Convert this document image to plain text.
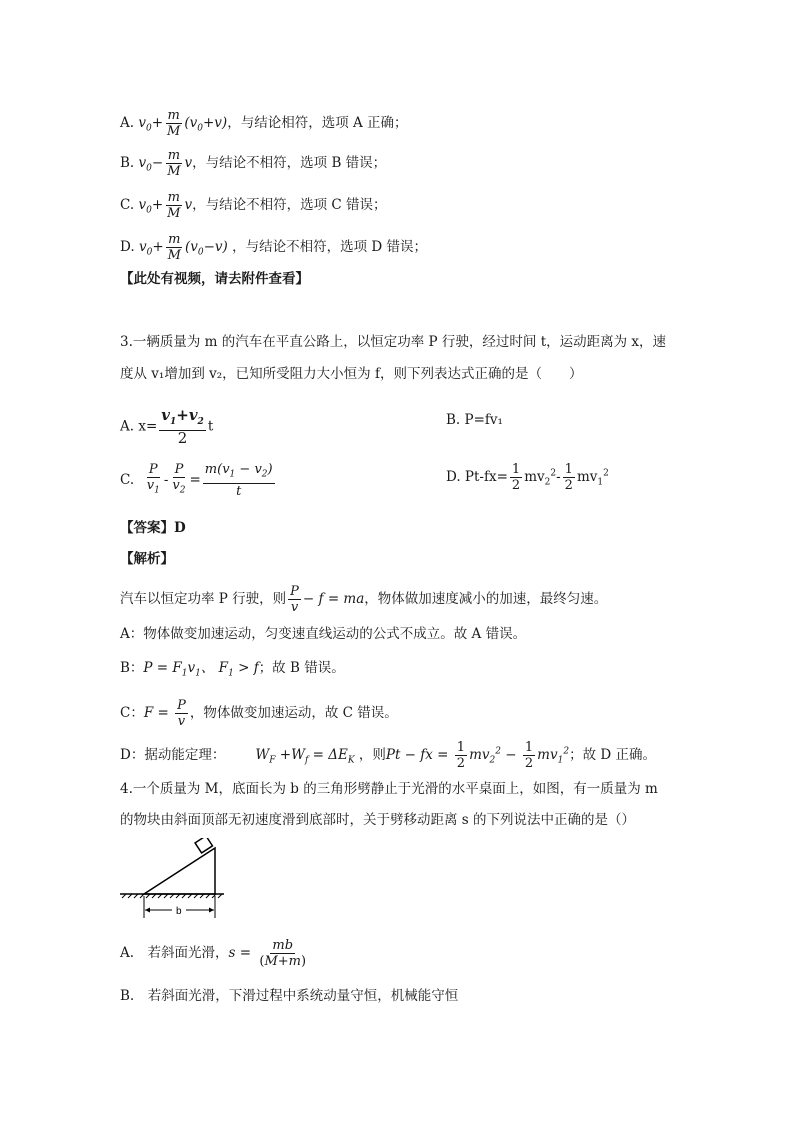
A. $v_0+ \frac{m}{M} (v_0+v)$，与结论相符，选项 A 正确；
B. $v_0- \frac{m}{M}$ v，与结论不相符，选项 B 错误；
C. $v_0+ \frac{m}{M}$ v，与结论不相符，选项 C 错误；
D. $v_0+ \frac{m}{M} (v_0-v)$ ，与结论不相符，选项 D 错误；
【此处有视频，请去附件查看】
3.一辆质量为 m 的汽车在平直公路上，以恒定功率 P 行驶，经过时间 t，运动距离为 x，速
度从 v₁增加到 v₂，已知所受阻力大小恒为 f，则下列表达式正确的是（　　）
A. $x= \frac{v_1+v_2}{2}$ t	B. P=fv₁
C. $\frac{P}{v_1} - \frac{P}{v_2} = \frac{m(v_1 - v_2)}{t}$	D. $Pt-fx= \frac{1}{2} mv_2^2- \frac{1}{2} mv_1^2$
【答案】D
【解析】
汽车以恒定功率 P 行驶，则 $\frac{P}{v} - f$ = ma，物体做加速度减小的加速，最终匀速。
A：物体做变加速运动，匀变速直线运动的公式不成立。故 A 错误。
B：$P = F_1v_1$、 $F_1 > f$；故 B 错误。
C：$F = \frac{P}{v}$ ，物体做变加速运动，故 C 错误。
D：据动能定理： $W_F +W_f = \Delta E_K$ ，则Pt − fx = $\frac{1}{2} mv_2^2 - \frac{1}{2} mv_1^2$；故 D 正确。
4.一个质量为 M，底面长为 b 的三角形劈静止于光滑的水平桌面上，如图，有一质量为 m
的物块由斜面顶部无初速度滑到底部时，关于劈移动距离 s 的下列说法中正确的是（）
b
A.　若斜面光滑，$s = \frac{mb}{(M+m)}$
B.　若斜面光滑，下滑过程中系统动量守恒，机械能守恒
